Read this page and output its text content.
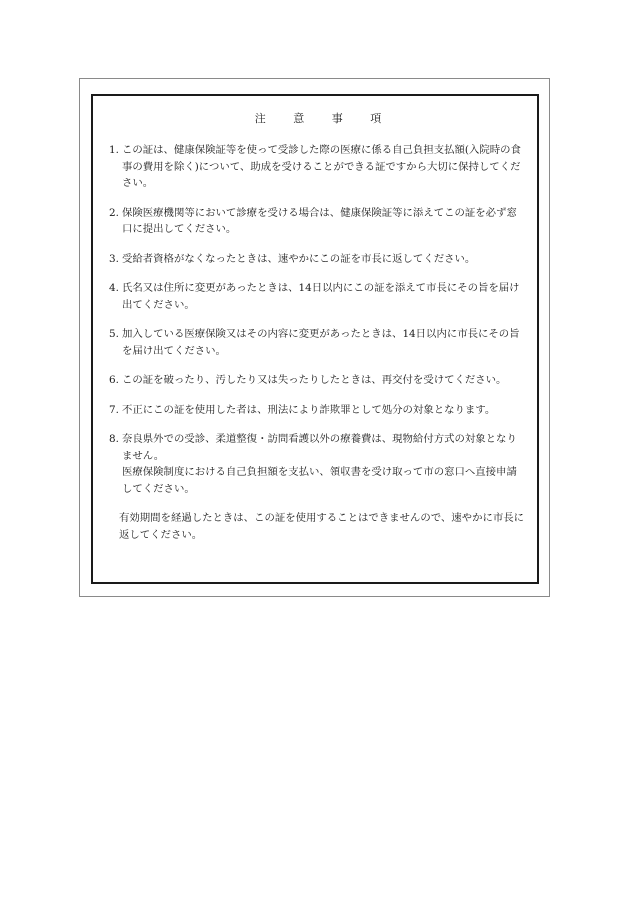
注 意 事 項
1. この証は、健康保険証等を使って受診した際の医療に係る自己負担支払額(入院時の食事の費用を除く)について、助成を受けることができる証ですから大切に保持してください。
2. 保険医療機関等において診療を受ける場合は、健康保険証等に添えてこの証を必ず窓口に提出してください。
3. 受給者資格がなくなったときは、速やかにこの証を市長に返してください。
4. 氏名又は住所に変更があったときは、14日以内にこの証を添えて市長にその旨を届け出てください。
5. 加入している医療保険又はその内容に変更があったときは、14日以内に市長にその旨を届け出てください。
6. この証を破ったり、汚したり又は失ったりしたときは、再交付を受けてください。
7. 不正にこの証を使用した者は、刑法により詐欺罪として処分の対象となります。
8. 奈良県外での受診、柔道整復・訪問看護以外の療養費は、現物給付方式の対象となりません。
医療保険制度における自己負担額を支払い、領収書を受け取って市の窓口へ直接申請してください。

有効期間を経過したときは、この証を使用することはできませんので、速やかに市長に返してください。
